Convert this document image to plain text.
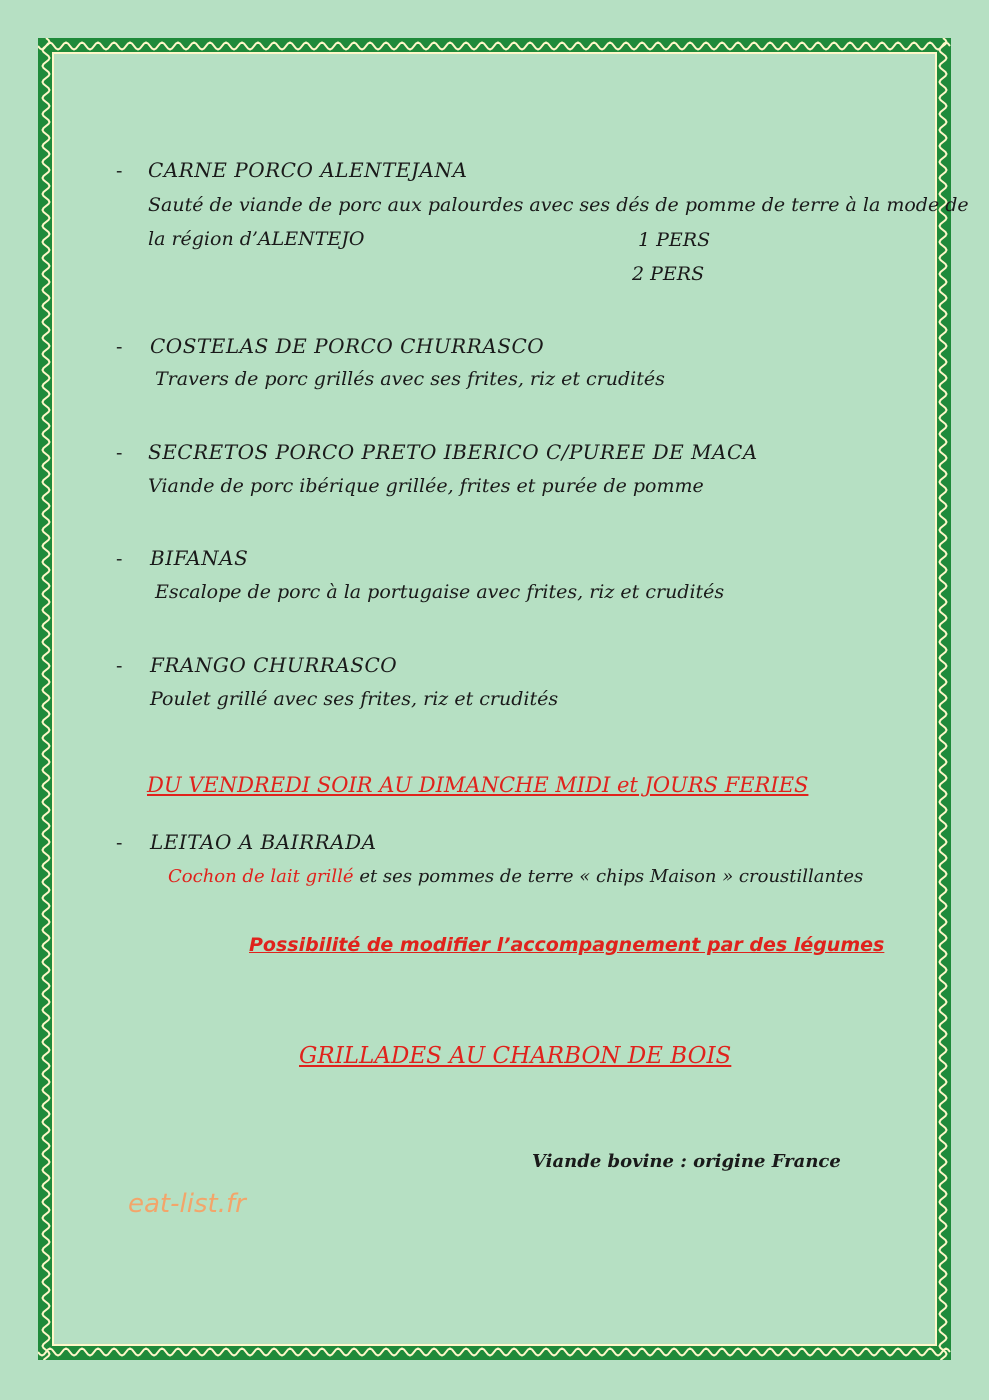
- CARNE PORCO ALENTEJANA
Sauté de viande de porc aux palourdes avec ses dés de pomme de terre à la mode de
la région d’ALENTEJO	1 PERS
2 PERS
- COSTELAS DE PORCO CHURRASCO
Travers de porc grillés avec ses frites, riz et crudités
- SECRETOS PORCO PRETO IBERICO C/PUREE DE MACA
Viande de porc ibérique grillée, frites et purée de pomme
- BIFANAS
Escalope de porc à la portugaise avec frites, riz et crudités
- FRANGO CHURRASCO
Poulet grillé avec ses frites, riz et crudités
DU VENDREDI SOIR AU DIMANCHE MIDI et JOURS FERIES
- LEITAO A BAIRRADA
Cochon de lait grillé et ses pommes de terre « chips Maison » croustillantes
Possibilité de modifier l’accompagnement par des légumes
GRILLADES AU CHARBON DE BOIS
Viande bovine : origine France
eat-list.fr
